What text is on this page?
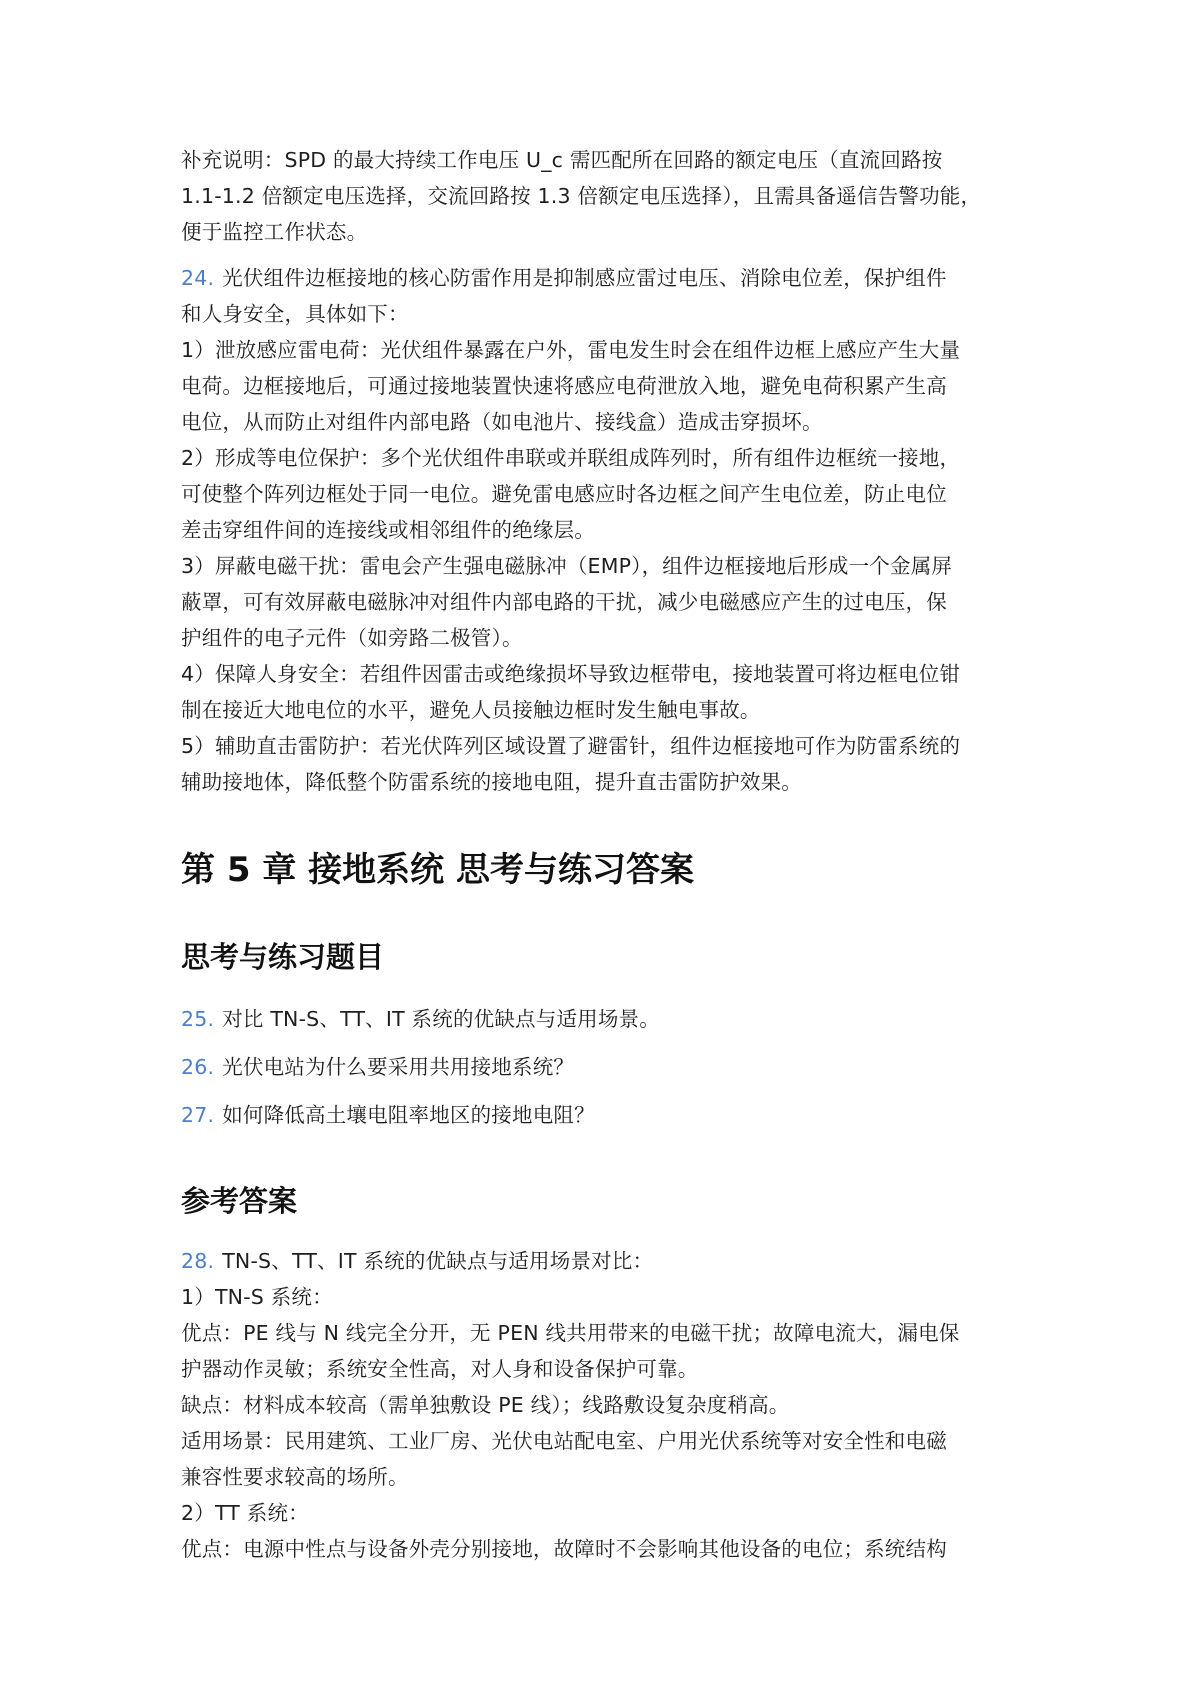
补充说明：SPD 的最大持续工作电压 U_c 需匹配所在回路的额定电压（直流回路按

1.1-1.2 倍额定电压选择，交流回路按 1.3 倍额定电压选择），且需具备遥信告警功能，

便于监控工作状态。

24. 光伏组件边框接地的核心防雷作用是抑制感应雷过电压、消除电位差，保护组件

和人身安全，具体如下：

1）泄放感应雷电荷：光伏组件暴露在户外，雷电发生时会在组件边框上感应产生大量

电荷。边框接地后，可通过接地装置快速将感应电荷泄放入地，避免电荷积累产生高

电位，从而防止对组件内部电路（如电池片、接线盒）造成击穿损坏。

2）形成等电位保护：多个光伏组件串联或并联组成阵列时，所有组件边框统一接地，

可使整个阵列边框处于同一电位。避免雷电感应时各边框之间产生电位差，防止电位

差击穿组件间的连接线或相邻组件的绝缘层。

3）屏蔽电磁干扰：雷电会产生强电磁脉冲（EMP），组件边框接地后形成一个金属屏

蔽罩，可有效屏蔽电磁脉冲对组件内部电路的干扰，减少电磁感应产生的过电压，保

护组件的电子元件（如旁路二极管）。

4）保障人身安全：若组件因雷击或绝缘损坏导致边框带电，接地装置可将边框电位钳

制在接近大地电位的水平，避免人员接触边框时发生触电事故。

5）辅助直击雷防护：若光伏阵列区域设置了避雷针，组件边框接地可作为防雷系统的

辅助接地体，降低整个防雷系统的接地电阻，提升直击雷防护效果。

第 5 章 接地系统 思考与练习答案
思考与练习题目

25. 对比 TN-S、TT、IT 系统的优缺点与适用场景。

26. 光伏电站为什么要采用共用接地系统？

27. 如何降低高土壤电阻率地区的接地电阻？

参考答案

28. TN-S、TT、IT 系统的优缺点与适用场景对比：

1）TN-S 系统：

优点：PE 线与 N 线完全分开，无 PEN 线共用带来的电磁干扰；故障电流大，漏电保

护器动作灵敏；系统安全性高，对人身和设备保护可靠。

缺点：材料成本较高（需单独敷设 PE 线）；线路敷设复杂度稍高。

适用场景：民用建筑、工业厂房、光伏电站配电室、户用光伏系统等对安全性和电磁

兼容性要求较高的场所。

2）TT 系统：

优点：电源中性点与设备外壳分别接地，故障时不会影响其他设备的电位；系统结构
